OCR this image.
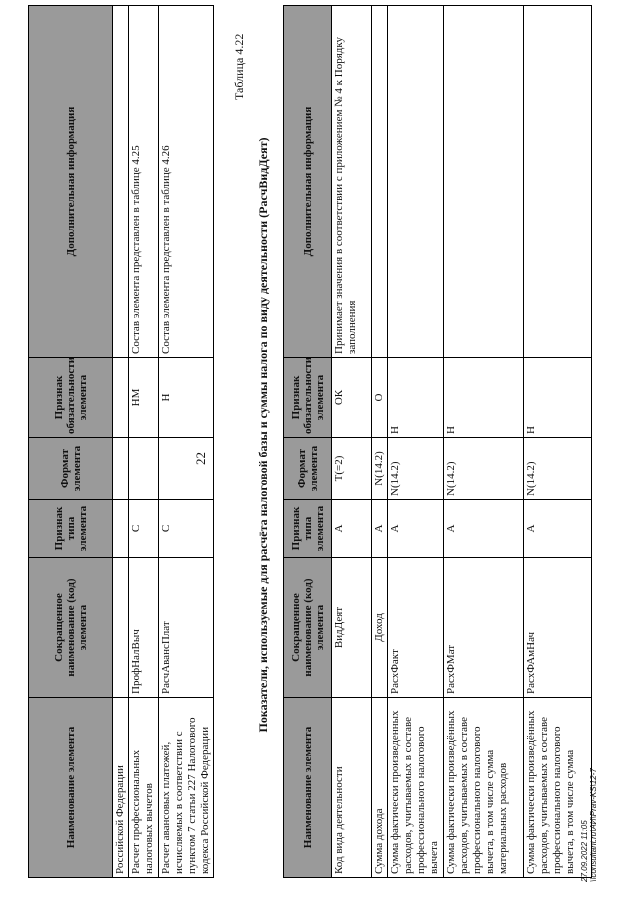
Наименование элемента	Сокращенное наименование (код) элемента	Признак типа элемента	Формат элемента	Признак обязательности элемента	Дополнительная информация
Российской Федерации					
Расчет профессиональных налоговых вычетов	ПрофНалВыч	С		НМ	Состав элемента представлен в таблице 4.25
Расчет авансовых платежей, исчисляемых в соответствии с пунктом 7 статьи 227 Налогового кодекса Российской Федерации	РасчАвансПлат	С		Н	Состав элемента представлен в таблице 4.26
22
Таблица 4.22
Показатели, используемые для расчёта налоговой базы и суммы налога по виду деятельности (РасчВидДеят)
Наименование элемента	Сокращенное наименование (код) элемента	Признак типа элемента	Формат элемента	Признак обязательности элемента	Дополнительная информация
Код вида деятельности	ВидДеят	А	T(=2)	ОК	Принимает значения в соответствии с приложением № 4 к Порядку заполнения
Сумма дохода	Доход	А	N(14.2)	О	
Сумма фактически произведенных расходов, учитываемых в составе профессионального налогового вычета	РасхФакт	А	N(14.2)	Н	
Сумма фактически произведённых расходов, учитываемых в составе профессионального налогового вычета, в том числе сумма материальных расходов	РасхФМат	А	N(14.2)	Н	
Сумма фактически произведённых расходов, учитываемых в составе профессионального налогового вычета, в том числе сумма	РасхФАмНач	А	N(14.2)	Н	
27.09.2022 11:05 \\consultant.ru\АИ\Prav-KS\12-7
